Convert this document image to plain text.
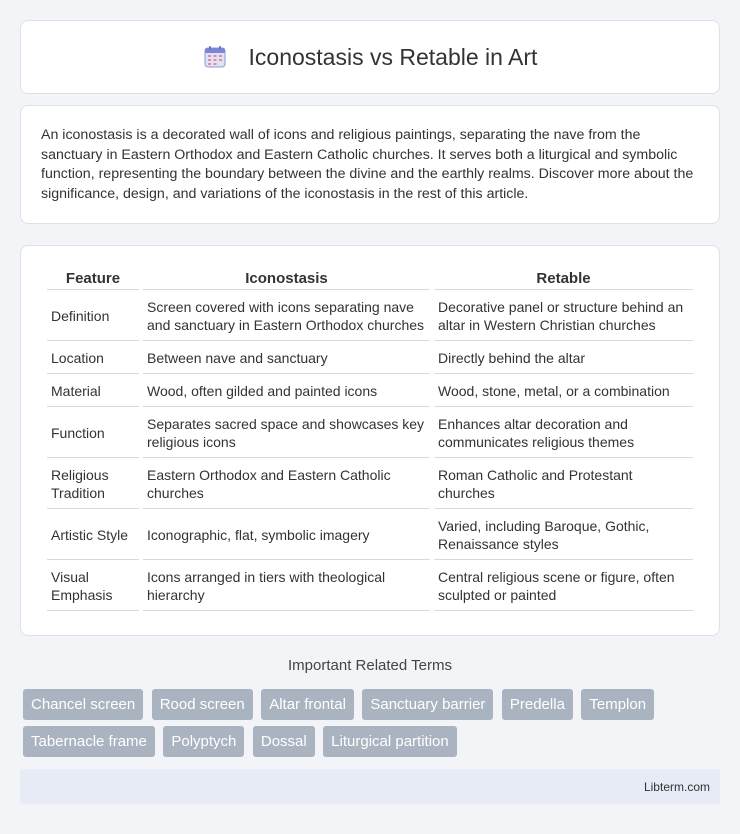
Iconostasis vs Retable in Art

An iconostasis is a decorated wall of icons and religious paintings, separating the nave from the sanctuary in Eastern Orthodox and Eastern Catholic churches. It serves both a liturgical and symbolic function, representing the boundary between the divine and the earthly realms. Discover more about the significance, design, and variations of the iconostasis in the rest of this article.

Feature	Iconostasis	Retable
Definition	Screen covered with icons separating nave and sanctuary in Eastern Orthodox churches	Decorative panel or structure behind an altar in Western Christian churches
Location	Between nave and sanctuary	Directly behind the altar
Material	Wood, often gilded and painted icons	Wood, stone, metal, or a combination
Function	Separates sacred space and showcases key religious icons	Enhances altar decoration and communicates religious themes
Religious Tradition	Eastern Orthodox and Eastern Catholic churches	Roman Catholic and Protestant churches
Artistic Style	Iconographic, flat, symbolic imagery	Varied, including Baroque, Gothic, Renaissance styles
Visual Emphasis	Icons arranged in tiers with theological hierarchy	Central religious scene or figure, often sculpted or painted
Important Related Terms
Chancel screen Rood screen Altar frontal Sanctuary barrier Predella Templon Tabernacle frame Polyptych Dossal Liturgical partition
Libterm.com
